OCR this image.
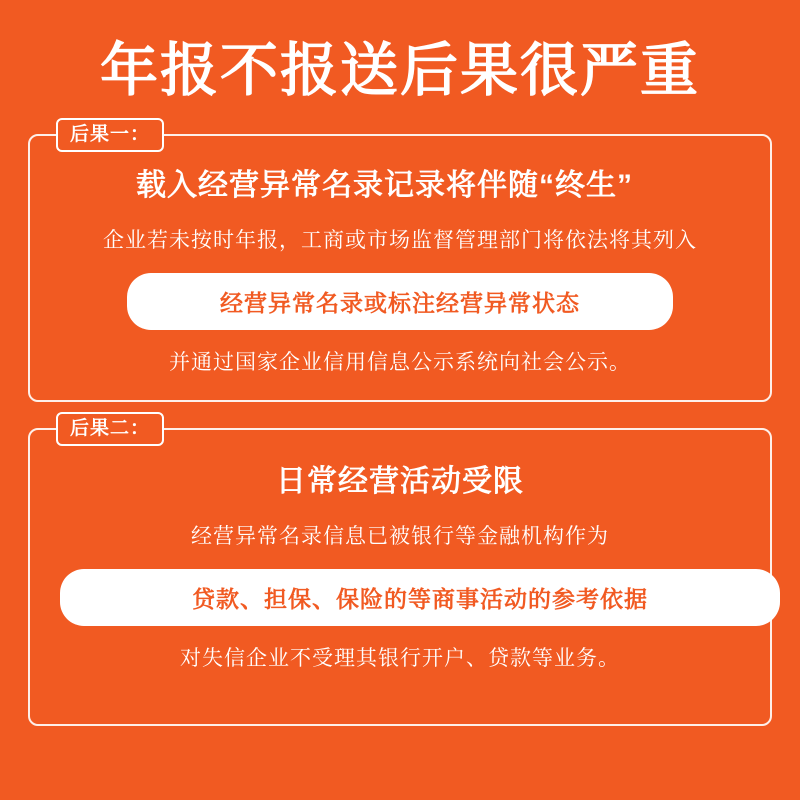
年报不报送后果很严重
后果一：
载入经营异常名录记录将伴随“终生”
企业若未按时年报，工商或市场监督管理部门将依法将其列入
经营异常名录或标注经营异常状态
并通过国家企业信用信息公示系统向社会公示。
后果二：
日常经营活动受限
经营异常名录信息已被银行等金融机构作为
贷款、担保、保险的等商事活动的参考依据
对失信企业不受理其银行开户、贷款等业务。
